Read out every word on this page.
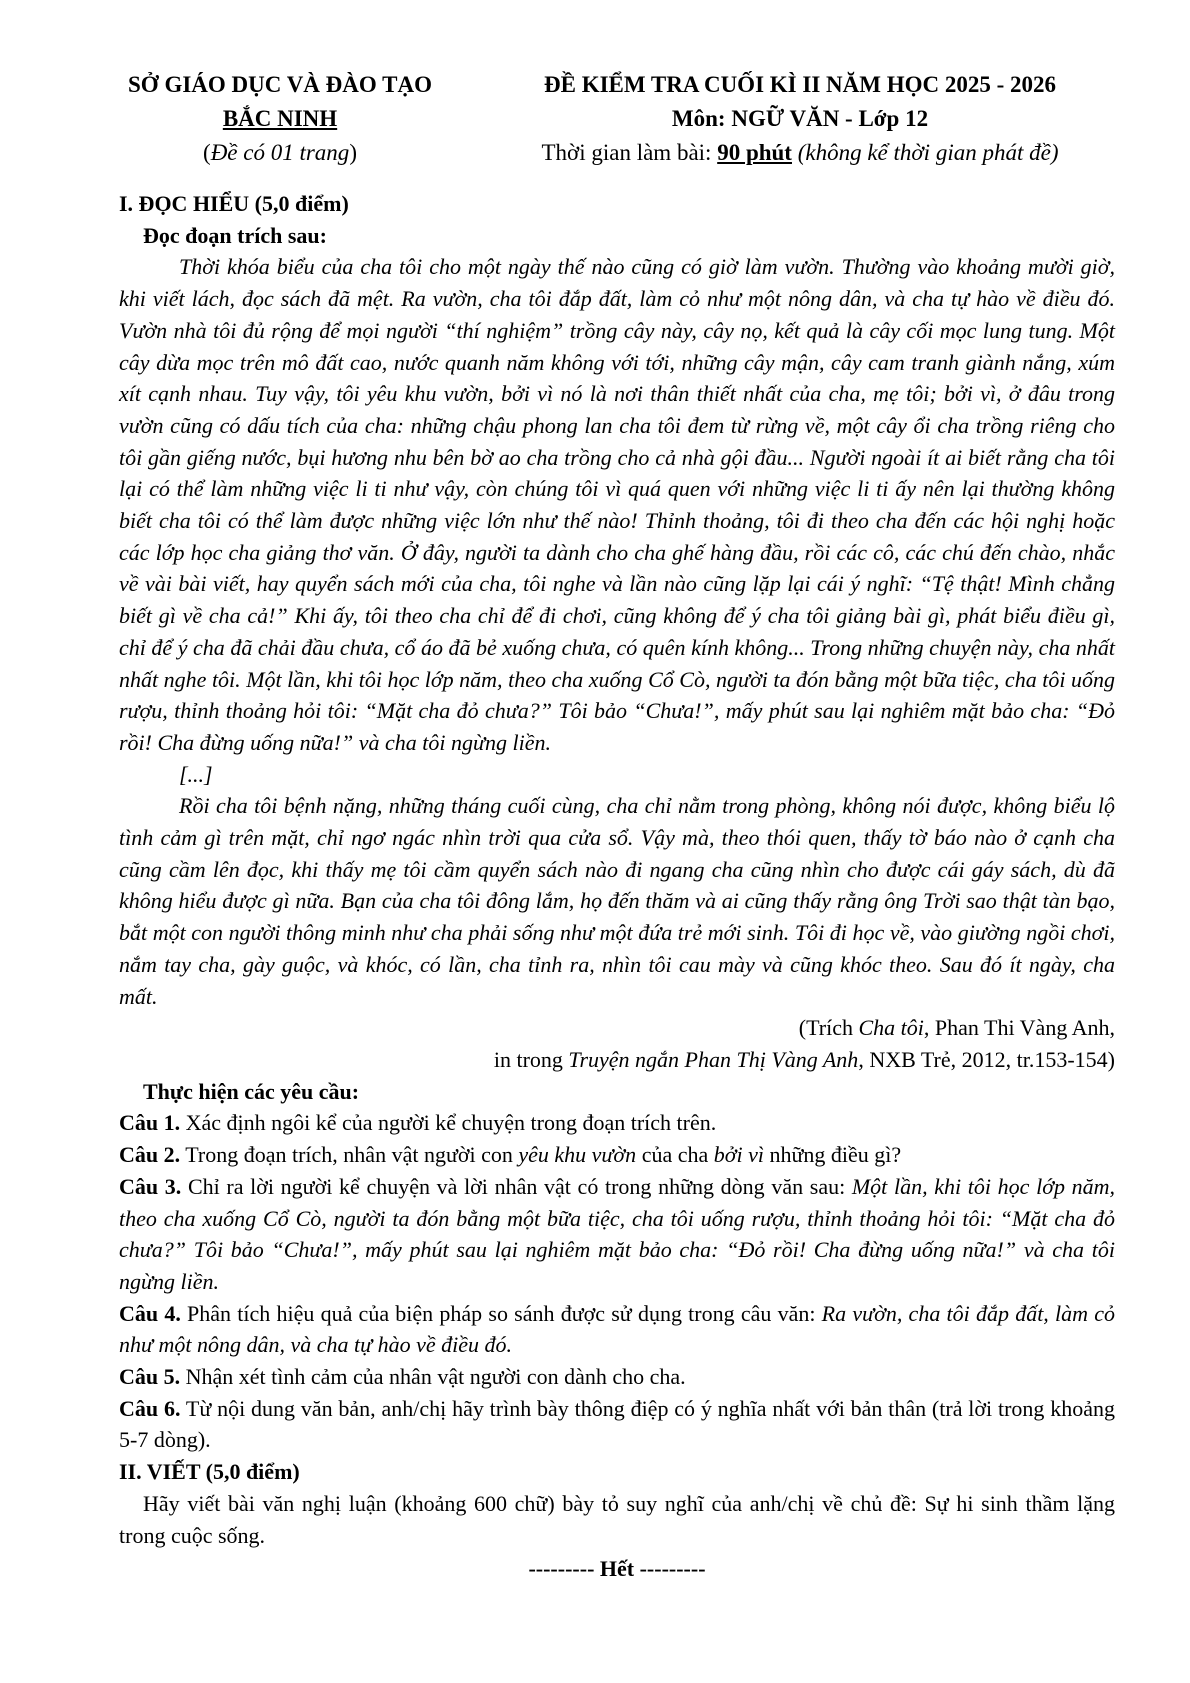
SỞ GIÁO DỤC VÀ ĐÀO TẠO
BẮC NINH
(Đề có 01 trang)
ĐỀ KIỂM TRA CUỐI KÌ II NĂM HỌC 2025 - 2026
Môn: NGỮ VĂN - Lớp 12
Thời gian làm bài: 90 phút (không kể thời gian phát đề)

I. ĐỌC HIỂU (5,0 điểm)

Đọc đoạn trích sau:

Thời khóa biểu của cha tôi cho một ngày thế nào cũng có giờ làm vườn. Thường vào khoảng mười giờ, khi viết lách, đọc sách đã mệt. Ra vườn, cha tôi đắp đất, làm cỏ như một nông dân, và cha tự hào về điều đó. Vườn nhà tôi đủ rộng để mọi người “thí nghiệm” trồng cây này, cây nọ, kết quả là cây cối mọc lung tung. Một cây dừa mọc trên mô đất cao, nước quanh năm không với tới, những cây mận, cây cam tranh giành nắng, xúm xít cạnh nhau. Tuy vậy, tôi yêu khu vườn, bởi vì nó là nơi thân thiết nhất của cha, mẹ tôi; bởi vì, ở đâu trong vườn cũng có dấu tích của cha: những chậu phong lan cha tôi đem từ rừng về, một cây ổi cha trồng riêng cho tôi gần giếng nước, bụi hương nhu bên bờ ao cha trồng cho cả nhà gội đầu... Người ngoài ít ai biết rằng cha tôi lại có thể làm những việc li ti như vậy, còn chúng tôi vì quá quen với những việc li ti ấy nên lại thường không biết cha tôi có thể làm được những việc lớn như thế nào! Thỉnh thoảng, tôi đi theo cha đến các hội nghị hoặc các lớp học cha giảng thơ văn. Ở đây, người ta dành cho cha ghế hàng đầu, rồi các cô, các chú đến chào, nhắc về vài bài viết, hay quyển sách mới của cha, tôi nghe và lần nào cũng lặp lại cái ý nghĩ: “Tệ thật! Mình chẳng biết gì về cha cả!” Khi ấy, tôi theo cha chỉ để đi chơi, cũng không để ý cha tôi giảng bài gì, phát biểu điều gì, chỉ để ý cha đã chải đầu chưa, cổ áo đã bẻ xuống chưa, có quên kính không... Trong những chuyện này, cha nhất nhất nghe tôi. Một lần, khi tôi học lớp năm, theo cha xuống Cổ Cò, người ta đón bằng một bữa tiệc, cha tôi uống rượu, thỉnh thoảng hỏi tôi: “Mặt cha đỏ chưa?” Tôi bảo “Chưa!”, mấy phút sau lại nghiêm mặt bảo cha: “Đỏ rồi! Cha đừng uống nữa!” và cha tôi ngừng liền.

[...]

Rồi cha tôi bệnh nặng, những tháng cuối cùng, cha chỉ nằm trong phòng, không nói được, không biểu lộ tình cảm gì trên mặt, chỉ ngơ ngác nhìn trời qua cửa sổ. Vậy mà, theo thói quen, thấy tờ báo nào ở cạnh cha cũng cầm lên đọc, khi thấy mẹ tôi cầm quyển sách nào đi ngang cha cũng nhìn cho được cái gáy sách, dù đã không hiểu được gì nữa. Bạn của cha tôi đông lắm, họ đến thăm và ai cũng thấy rằng ông Trời sao thật tàn bạo, bắt một con người thông minh như cha phải sống như một đứa trẻ mới sinh. Tôi đi học về, vào giường ngồi chơi, nắm tay cha, gày guộc, và khóc, có lần, cha tỉnh ra, nhìn tôi cau mày và cũng khóc theo. Sau đó ít ngày, cha mất.

(Trích Cha tôi, Phan Thi Vàng Anh,
in trong Truyện ngắn Phan Thị Vàng Anh, NXB Trẻ, 2012, tr.153-154)

Thực hiện các yêu cầu:

Câu 1. Xác định ngôi kể của người kể chuyện trong đoạn trích trên.

Câu 2. Trong đoạn trích, nhân vật người con yêu khu vườn của cha bởi vì những điều gì?

Câu 3. Chỉ ra lời người kể chuyện và lời nhân vật có trong những dòng văn sau: Một lần, khi tôi học lớp năm, theo cha xuống Cổ Cò, người ta đón bằng một bữa tiệc, cha tôi uống rượu, thỉnh thoảng hỏi tôi: “Mặt cha đỏ chưa?” Tôi bảo “Chưa!”, mấy phút sau lại nghiêm mặt bảo cha: “Đỏ rồi! Cha đừng uống nữa!” và cha tôi ngừng liền.

Câu 4. Phân tích hiệu quả của biện pháp so sánh được sử dụng trong câu văn: Ra vườn, cha tôi đắp đất, làm cỏ như một nông dân, và cha tự hào về điều đó.

Câu 5. Nhận xét tình cảm của nhân vật người con dành cho cha.

Câu 6. Từ nội dung văn bản, anh/chị hãy trình bày thông điệp có ý nghĩa nhất với bản thân (trả lời trong khoảng 5-7 dòng).

II. VIẾT (5,0 điểm)

Hãy viết bài văn nghị luận (khoảng 600 chữ) bày tỏ suy nghĩ của anh/chị về chủ đề: Sự hi sinh thầm lặng trong cuộc sống.

--------- Hết ---------
